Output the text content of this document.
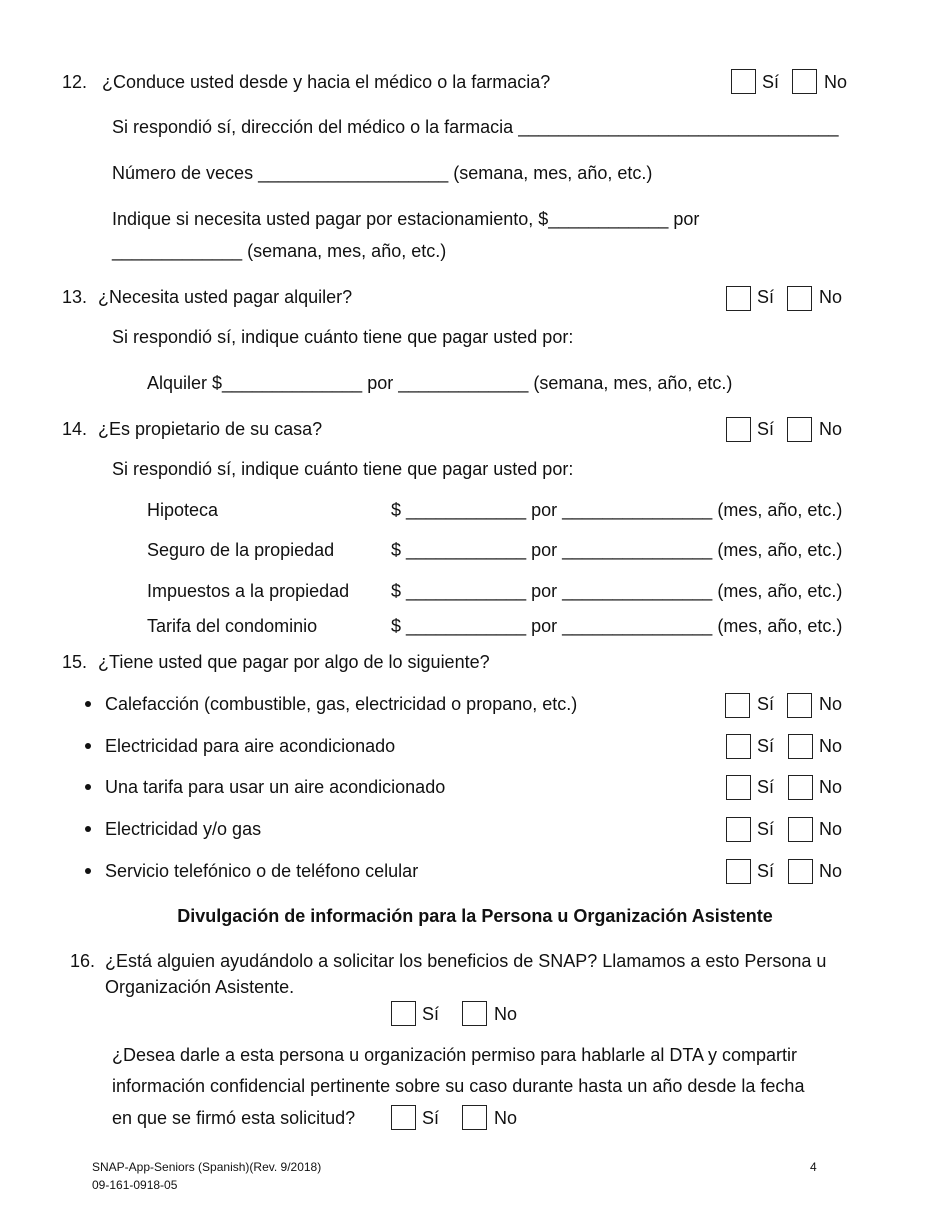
12. ¿Conduce usted desde y hacia el médico o la farmacia?	Sí No
Si respondió sí, dirección del médico o la farmacia ________________________________
Número de veces ___________________ (semana, mes, año, etc.)
Indique si necesita usted pagar por estacionamiento, $____________ por
_____________ (semana, mes, año, etc.)
13. ¿Necesita usted pagar alquiler?	Sí No
Si respondió sí, indique cuánto tiene que pagar usted por:
Alquiler $______________ por _____________ (semana, mes, año, etc.)
14. ¿Es propietario de su casa?	Sí No
Si respondió sí, indique cuánto tiene que pagar usted por:
Hipoteca	$ ____________ por _______________ (mes, año, etc.)
Seguro de la propiedad	$ ____________ por _______________ (mes, año, etc.)
Impuestos a la propiedad $ ____________ por _______________ (mes, año, etc.)
Tarifa del condominio	$ ____________ por _______________ (mes, año, etc.)
15. ¿Tiene usted que pagar por algo de lo siguiente?
Calefacción (combustible, gas, electricidad o propano, etc.)	Sí No
Electricidad para aire acondicionado	Sí No
Una tarifa para usar un aire acondicionado	Sí No
Electricidad y/o gas	Sí No
Servicio telefónico o de teléfono celular	Sí No
Divulgación de información para la Persona u Organización Asistente
16. ¿Está alguien ayudándolo a solicitar los beneficios de SNAP? Llamamos a esto Persona u
Organización Asistente.
Sí	No
¿Desea darle a esta persona u organización permiso para hablarle al DTA y compartir
información confidencial pertinente sobre su caso durante hasta un año desde la fecha
en que se firmó esta solicitud?	Sí	No
SNAP-App-Seniors (Spanish)(Rev. 9/2018)
09-161-0918-05
4
